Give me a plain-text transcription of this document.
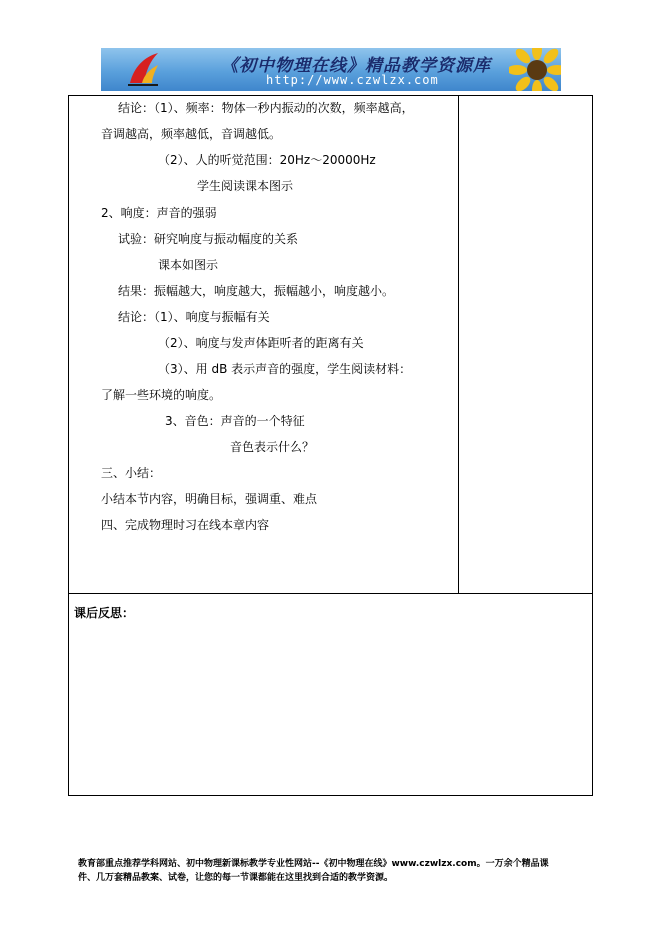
《初中物理在线》精品教学资源库
http://www.czwlzx.com
结论：（1）、频率：物体一秒内振动的次数，频率越高，
音调越高，频率越低，音调越低。
（2）、人的听觉范围：20Hz～20000Hz
学生阅读课本图示
2、响度：声音的强弱
试验：研究响度与振动幅度的关系
课本如图示
结果：振幅越大，响度越大，振幅越小，响度越小。
结论：（1）、响度与振幅有关
（2）、响度与发声体距听者的距离有关
（3）、用 dB 表示声音的强度，学生阅读材料：
了解一些环境的响度。
3、音色：声音的一个特征
音色表示什么？
三、小结：
小结本节内容，明确目标，强调重、难点
四、完成物理时习在线本章内容
课后反思：
教育部重点推荐学科网站、初中物理新课标教学专业性网站--《初中物理在线》www.czwlzx.com。一万余个精品课
件、几万套精品教案、试卷，让您的每一节课都能在这里找到合适的教学资源。
